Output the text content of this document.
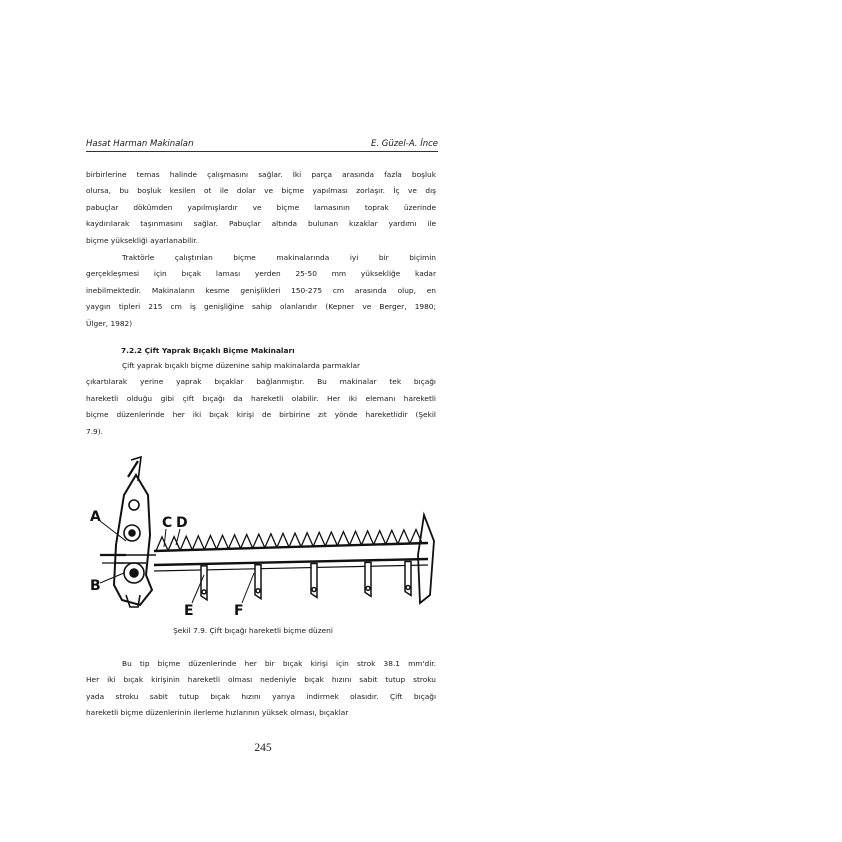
Hasat Harman Makinaları	E. Güzel-A. İnce
birbirlerine temas halinde çalışmasını sağlar. İki parça arasında fazla boşluk
olursa, bu boşluk kesilen ot ile dolar ve biçme yapılması zorlaşır. İç ve dış
pabuçlar dökümden yapılmışlardır ve biçme lamasının toprak üzerinde
kaydırılarak taşınmasını sağlar. Pabuçlar altında bulunan kızaklar yardımı ile
biçme yüksekliği ayarlanabilir.
Traktörle çalıştırılan biçme makinalarında iyi bir biçimin
gerçekleşmesi için bıçak laması yerden 25-50 mm yüksekliğe kadar
inebilmektedir. Makinaların kesme genişlikleri 150-275 cm arasında olup, en
yaygın tipleri 215 cm iş genişliğine sahip olanlarıdır (Kepner ve Berger, 1980;
Ülger, 1982)
7.2.2 Çift Yaprak Bıçaklı Biçme Makinaları
Çift yaprak bıçaklı biçme düzenine sahip makinalarda parmaklar
çıkartılarak yerine yaprak bıçaklar bağlanmıştır. Bu makinalar tek bıçağı
hareketli olduğu gibi çift bıçağı da hareketli olabilir. Her iki elemanı hareketli
biçme düzenlerinde her iki bıçak kirişi de birbirine zıt yönde hareketlidir (Şekil
7.9).
A
B
C D
E	F
Şekil 7.9. Çift bıçağı hareketli biçme düzeni
Bu tip biçme düzenlerinde her bir bıçak kirişi için strok 38.1 mm'dir.
Her iki bıçak kirişinin hareketli olması nedeniyle bıçak hızını sabit tutup stroku
yada stroku sabit tutup bıçak hızını yarıya indirmek olasıdır. Çift bıçağı
hareketli biçme düzenlerinin ilerleme hızlarının yüksek olması, bıçaklar
245
